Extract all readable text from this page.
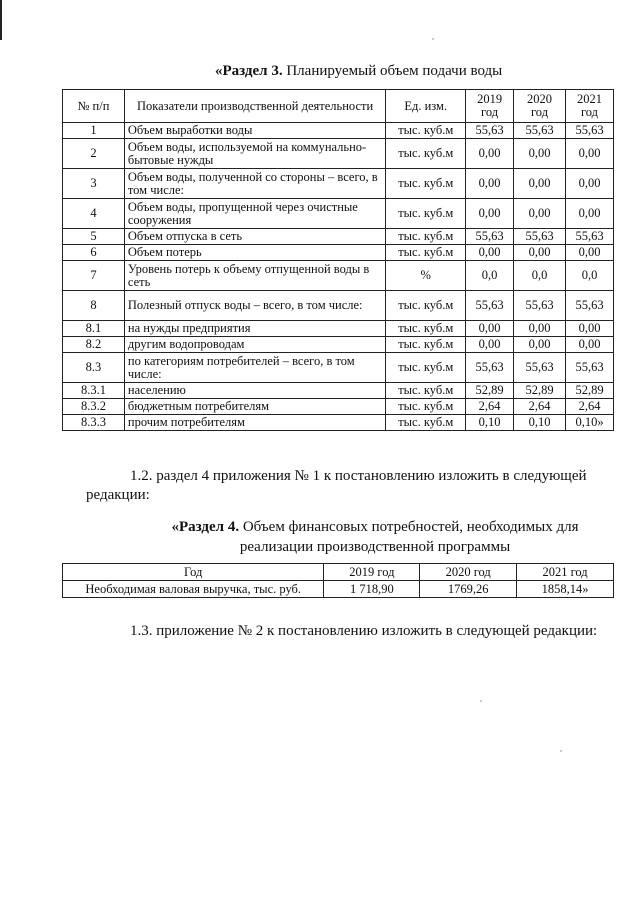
«Раздел 3. Планируемый объем подачи воды
№ п/п	Показатели производственной деятельности	Ед. изм.	2019 год	2020 год	2021 год
1	Объем выработки воды	тыс. куб.м	55,63	55,63	55,63
2	Объем воды, используемой на коммунально-бытовые нужды	тыс. куб.м	0,00	0,00	0,00
3	Объем воды, полученной со стороны – всего, в том числе:	тыс. куб.м	0,00	0,00	0,00
4	Объем воды, пропущенной через очистные сооружения	тыс. куб.м	0,00	0,00	0,00
5	Объем отпуска в сеть	тыс. куб.м	55,63	55,63	55,63
6	Объем потерь	тыс. куб.м	0,00	0,00	0,00
7	Уровень потерь к объему отпущенной воды в сеть	%	0,0	0,0	0,0
8	Полезный отпуск воды – всего, в том числе:	тыс. куб.м	55,63	55,63	55,63
8.1	на нужды предприятия	тыс. куб.м	0,00	0,00	0,00
8.2	другим водопроводам	тыс. куб.м	0,00	0,00	0,00
8.3	по категориям потребителей – всего, в том числе:	тыс. куб.м	55,63	55,63	55,63
8.3.1	населению	тыс. куб.м	52,89	52,89	52,89
8.3.2	бюджетным потребителям	тыс. куб.м	2,64	2,64	2,64
8.3.3	прочим потребителям	тыс. куб.м	0,10	0,10	0,10»
1.2. раздел 4 приложения № 1 к постановлению изложить в следующей
редакции:
«Раздел 4. Объем финансовых потребностей, необходимых для реализации производственной программы
Год	2019 год	2020 год	2021 год
Необходимая валовая выручка, тыс. руб.	1 718,90	1769,26	1858,14»
1.3. приложение № 2 к постановлению изложить в следующей редакции:
